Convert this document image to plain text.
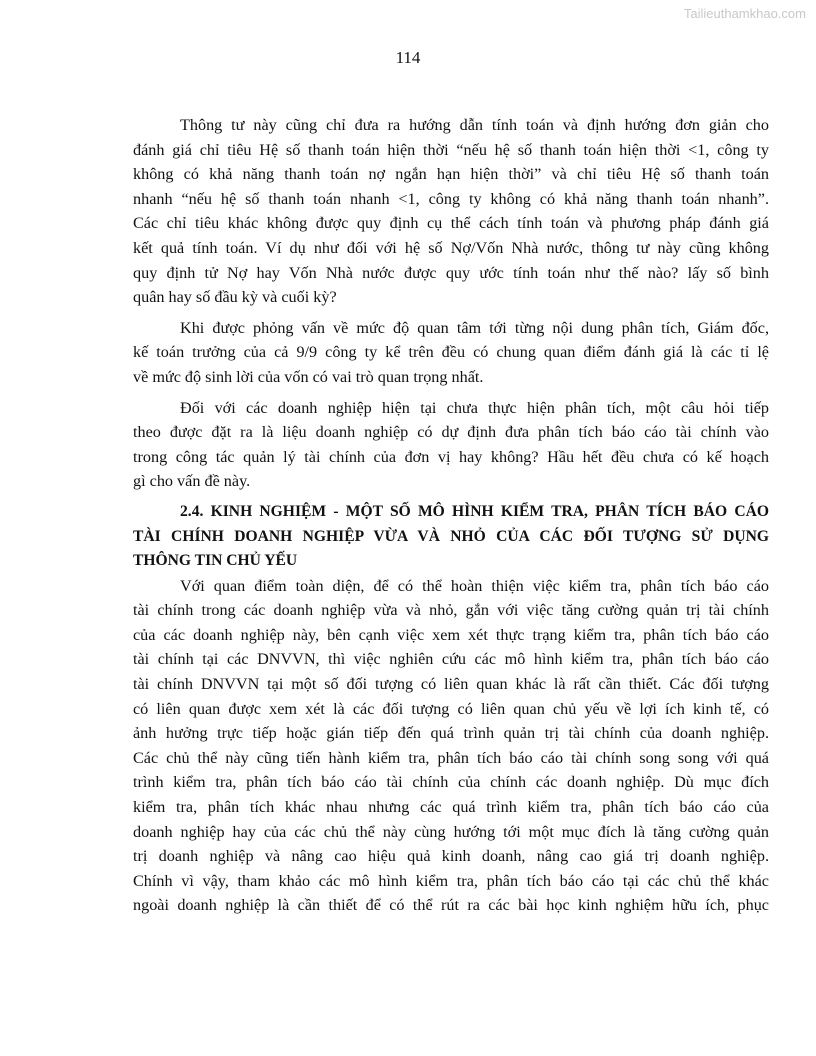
Tailieuthamkhao.com
114
Thông tư này cũng chỉ đưa ra hướng dẫn tính toán và định hướng đơn giản cho
đánh giá chỉ tiêu Hệ số thanh toán hiện thời “nếu hệ số thanh toán hiện thời <1, công ty
không có khả năng thanh toán nợ ngắn hạn hiện thời” và chỉ tiêu Hệ số thanh toán
nhanh “nếu hệ số thanh toán nhanh <1, công ty không có khả năng thanh toán nhanh”.
Các chỉ tiêu khác không được quy định cụ thể cách tính toán và phương pháp đánh giá
kết quả tính toán. Ví dụ như đối với hệ số Nợ/Vốn Nhà nước, thông tư này cũng không
quy định tử Nợ hay Vốn Nhà nước được quy ước tính toán như thế nào? lấy số bình
quân hay số đầu kỳ và cuối kỳ?
Khi được phỏng vấn về mức độ quan tâm tới từng nội dung phân tích, Giám đốc,
kế toán trưởng của cả 9/9 công ty kể trên đều có chung quan điểm đánh giá là các tỉ lệ
về mức độ sinh lời của vốn có vai trò quan trọng nhất.
Đối với các doanh nghiệp hiện tại chưa thực hiện phân tích, một câu hỏi tiếp
theo được đặt ra là liệu doanh nghiệp có dự định đưa phân tích báo cáo tài chính vào
trong công tác quản lý tài chính của đơn vị hay không? Hầu hết đều chưa có kế hoạch
gì cho vấn đề này.
2.4. KINH NGHIỆM - MỘT SỐ MÔ HÌNH KIỂM TRA, PHÂN TÍCH BÁO CÁO
TÀI CHÍNH DOANH NGHIỆP VỪA VÀ NHỎ CỦA CÁC ĐỐI TƯỢNG SỬ DỤNG
THÔNG TIN CHỦ YẾU
Với quan điểm toàn diện, để có thể hoàn thiện việc kiểm tra, phân tích báo cáo
tài chính trong các doanh nghiệp vừa và nhỏ, gắn với việc tăng cường quản trị tài chính
của các doanh nghiệp này, bên cạnh việc xem xét thực trạng kiểm tra, phân tích báo cáo
tài chính tại các DNVVN, thì việc nghiên cứu các mô hình kiểm tra, phân tích báo cáo
tài chính DNVVN tại một số đối tượng có liên quan khác là rất cần thiết. Các đối tượng
có liên quan được xem xét là các đối tượng có liên quan chủ yếu về lợi ích kinh tế, có
ảnh hưởng trực tiếp hoặc gián tiếp đến quá trình quản trị tài chính của doanh nghiệp.
Các chủ thể này cũng tiến hành kiểm tra, phân tích báo cáo tài chính song song với quá
trình kiểm tra, phân tích báo cáo tài chính của chính các doanh nghiệp. Dù mục đích
kiểm tra, phân tích khác nhau nhưng các quá trình kiểm tra, phân tích báo cáo của
doanh nghiệp hay của các chủ thể này cùng hướng tới một mục đích là tăng cường quản
trị doanh nghiệp và nâng cao hiệu quả kinh doanh, nâng cao giá trị doanh nghiệp.
Chính vì vậy, tham khảo các mô hình kiểm tra, phân tích báo cáo tại các chủ thể khác
ngoài doanh nghiệp là cần thiết để có thể rút ra các bài học kinh nghiệm hữu ích, phục
